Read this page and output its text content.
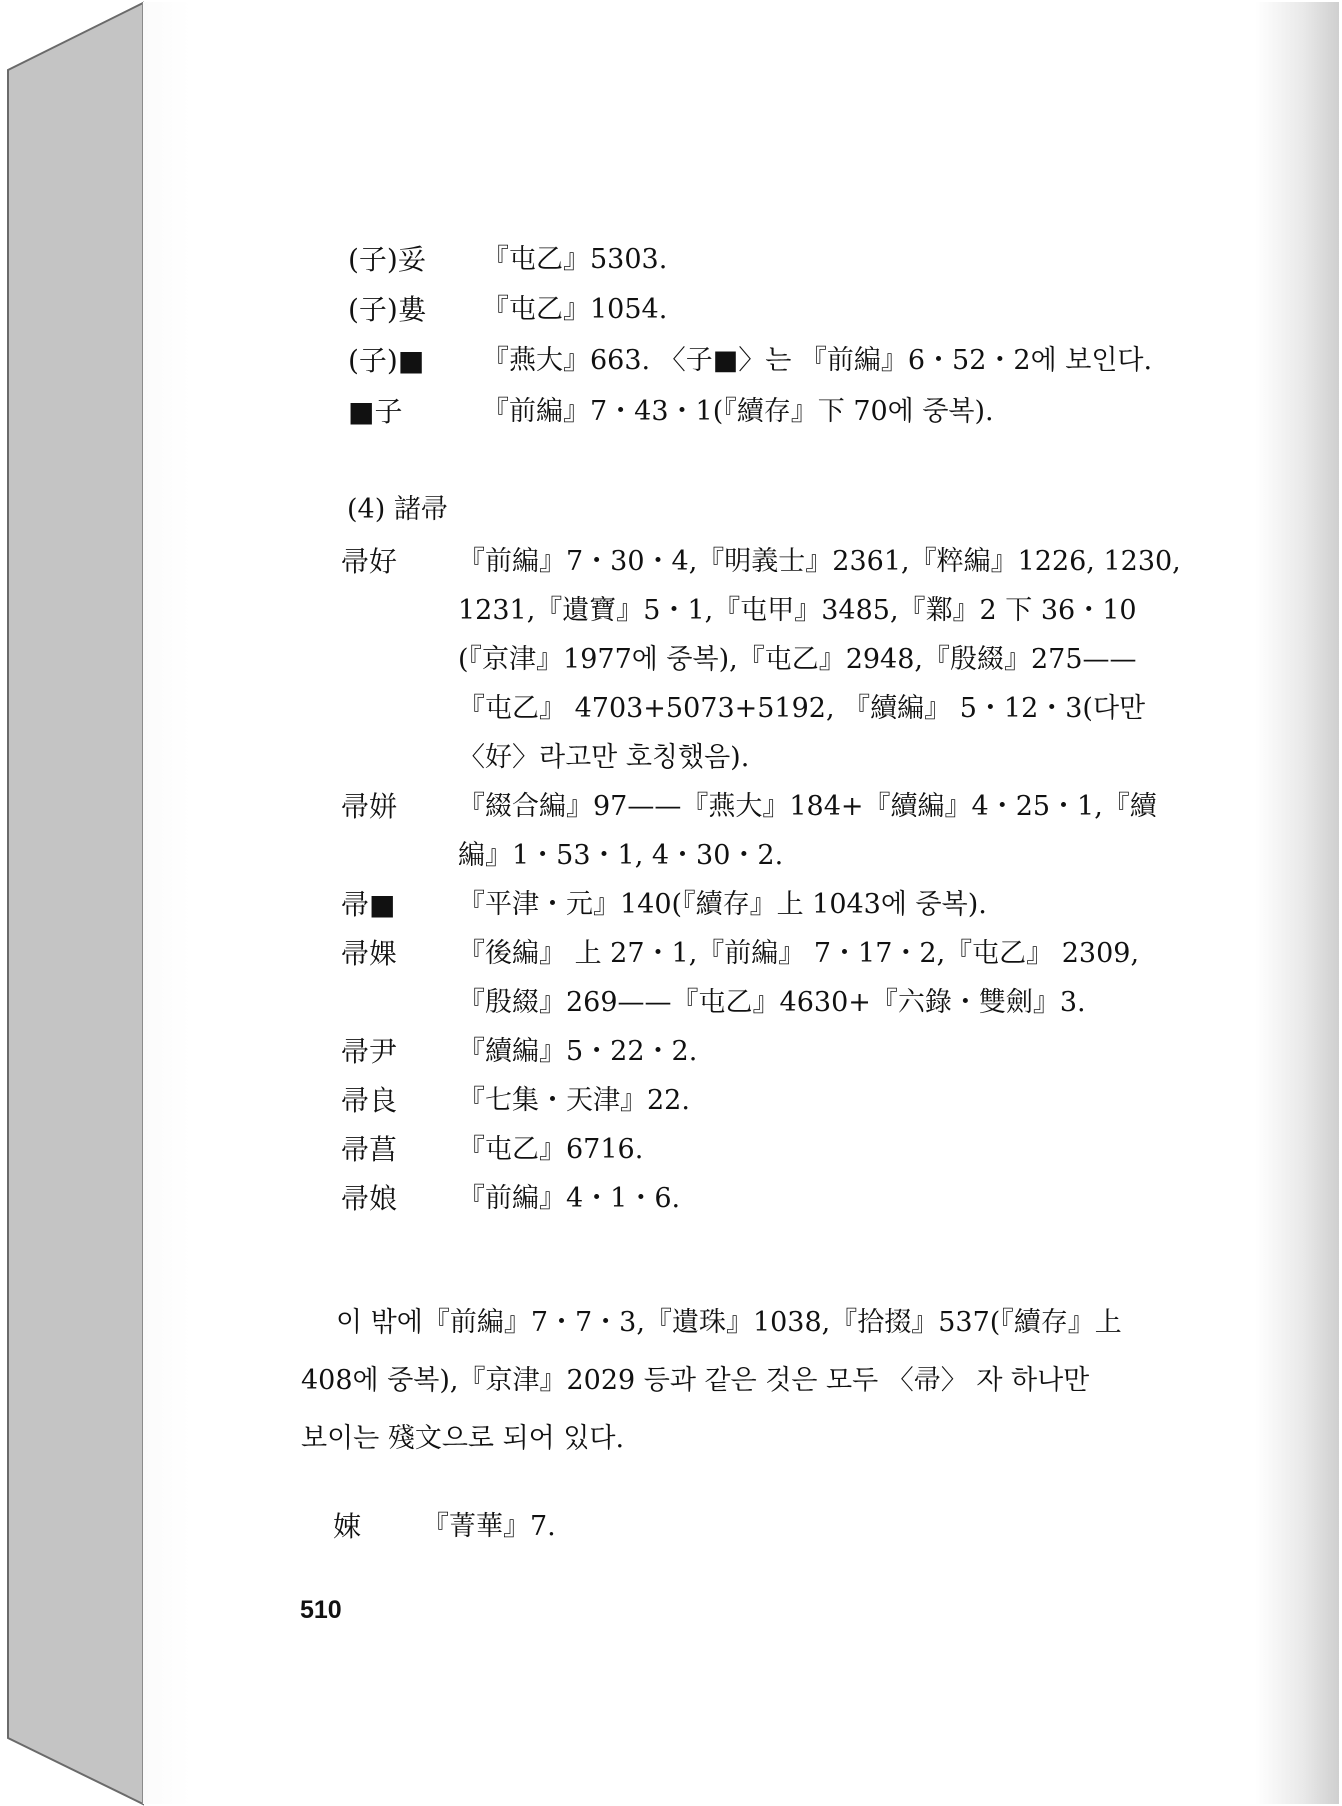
(子)妥 『屯乙』5303.
(子)婁 『屯乙』1054.
(子)■ 『燕大』663. 〈子■〉는 『前編』6・52・2에 보인다.
■子	『前編』7・43・1(『續存』下 70에 중복).
(4) 諸帚
帚好 『前編』7・30・4,『明義士』2361,『粹編』1226, 1230,
1231,『遺寶』5・1,『屯甲』3485,『鄴』2 下 36・10
(『京津』1977에 중복),『屯乙』2948,『殷綴』275——
『屯乙』 4703+5073+5192, 『續編』 5・12・3(다만
〈好〉라고만 호칭했음).
帚姘 『綴合編』97——『燕大』184+『續編』4・25・1,『續
編』1・53・1, 4・30・2.
帚■ 『平津・元』140(『續存』上 1043에 중복).
帚婐 『後編』 上 27・1,『前編』 7・17・2,『屯乙』 2309,
『殷綴』269——『屯乙』4630+『六錄・雙劍』3.
帚尹 『續編』5・22・2.
帚良 『七集・天津』22.
帚菖 『屯乙』6716.
帚娘 『前編』4・1・6.
이 밖에『前編』7・7・3,『遺珠』1038,『拾掇』537(『續存』上
408에 중복),『京津』2029 등과 같은 것은 모두 〈帚〉 자 하나만
보이는 殘文으로 되어 있다.
娕 『菁華』7.
510
